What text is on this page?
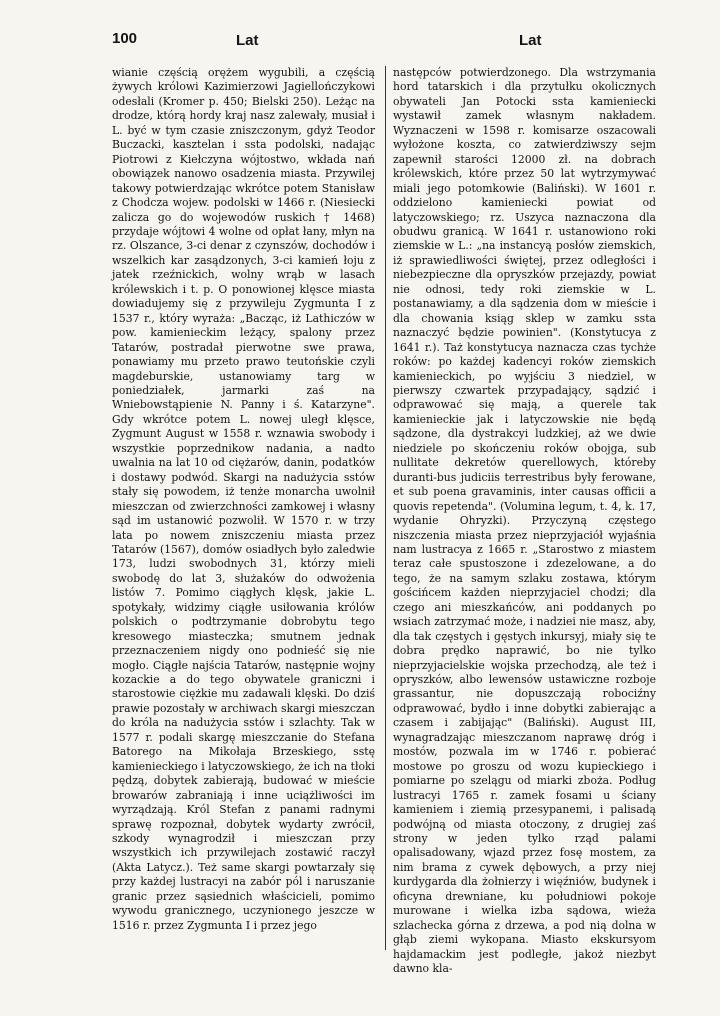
100	Lat	Lat
wianie częścią orężem wygubili, a częścią żywych królowi Kazimierzowi Jagiellończykowi odesłali (Kromer p. 450; Bielski 250). Leżąc na drodze, którą hordy kraj nasz zalewały, musiał i L. być w tym czasie zniszczonym, gdyż Teodor Buczacki, kasztelan i ssta podolski, nadając Piotrowi z Kiełczyna wójtostwo, wkłada nań obowiązek nanowo osadzenia miasta. Przywilej takowy potwierdzając wkrótce potem Stanisław z Chodcza wojew. podolski w 1466 r. (Niesiecki zalicza go do wojewodów ruskich † 1468) przydaje wójtowi 4 wolne od opłat łany, młyn na rz. Olszance, 3-ci denar z czynszów, dochodów i wszelkich kar zasądzonych, 3-ci kamień łoju z jatek rzeźnickich, wolny wrąb w lasach królewskich i t. p. O ponowionej klęsce miasta dowiadujemy się z przywileju Zygmunta I z 1537 r., który wyraża: „Bacząc, iż Lathiczów w pow. kamienieckim leżący, spalony przez Tatarów, postradał pierwotne swe prawa, ponawiamy mu przeto prawo teutońskie czyli magdeburskie, ustanowiamy targ w poniedziałek, jarmarki zaś na Wniebowstąpienie N. Panny i ś. Katarzyne". Gdy wkrótce potem L. nowej uległ klęsce, Zygmunt August w 1558 r. wznawia swobody i wszystkie poprzednikow nadania, a nadto uwalnia na lat 10 od ciężarów, danin, podatków i dostawy podwód. Skargi na nadużycia sstów stały się powodem, iż tenże monarcha uwolnił mieszczan od zwierzchności zamkowej i własny sąd im ustanowić pozwolił. W 1570 r. w trzy lata po nowem zniszczeniu miasta przez Tatarów (1567), domów osiadłych było zaledwie 173, ludzi swobodnych 31, którzy mieli swobodę do lat 3, służaków do odwożenia listów 7. Pomimo ciągłych klęsk, jakie L. spotykały, widzimy ciągłe usiłowania królów polskich o podtrzymanie dobrobytu tego kresowego miasteczka; smutnem jednak przeznaczeniem nigdy ono podnieść się nie mogło. Ciągłe najścia Tatarów, następnie wojny kozackie a do tego obywatele graniczni i starostowie ciężkie mu zadawali klęski. Do dziś prawie pozostały w archiwach skargi mieszczan do króla na nadużycia sstów i szlachty. Tak w 1577 r. podali skargę mieszczanie do Stefana Batorego na Mikołaja Brzeskiego, sstę kamienieckiego i latyczowskiego, że ich na tłoki pędzą, dobytek zabierają, budować w mieście browarów zabraniają i inne uciążliwości im wyrządzają. Król Stefan z panami radnymi sprawę rozpoznał, dobytek wydarty zwrócił, szkody wynagrodził i mieszczan przy wszystkich ich przywilejach zostawić raczył (Akta Latycz.). Też same skargi powtarzały się przy każdej lustracyi na zabór pól i naruszanie granic przez sąsiednich właścicieli, pomimo wywodu granicznego, uczynionego jeszcze w 1516 r. przez Zygmunta I i przez jego
następców potwierdzonego. Dla wstrzymania hord tatarskich i dla przytułku okolicznych obywateli Jan Potocki ssta kamieniecki wystawił zamek własnym nakładem. Wyznaczeni w 1598 r. komisarze oszacowali wyłożone koszta, co zatwierdziwszy sejm zapewnił starości 12000 zł. na dobrach królewskich, które przez 50 lat wytrzymywać miali jego potomkowie (Baliński). W 1601 r. oddzielono kamieniecki powiat od latyczowskiego; rz. Uszyca naznaczona dla obudwu granicą. W 1641 r. ustanowiono roki ziemskie w L.: „na instancyą posłów ziemskich, iż sprawiedliwości świętej, przez odległości i niebezpieczne dla opryszków przejazdy, powiat nie odnosi, tedy roki ziemskie w L. postanawiamy, a dla sądzenia dom w mieście i dla chowania ksiąg sklep w zamku ssta naznaczyć będzie powinien". (Konstytucya z 1641 r.). Taż konstytucya naznacza czas tychże roków: po każdej kadencyi roków ziemskich kamienieckich, po wyjściu 3 niedziel, w pierwszy czwartek przypadający, sądzić i odprawować się mają, a querele tak kamienieckie jak i latyczowskie nie będą sądzone, dla dystrakcyi ludzkiej, aż we dwie niedziele po skończeniu roków obojga, sub nullitate dekretów querellowych, któreby duranti-bus judiciis terrestribus były ferowane, et sub poena gravaminis, inter causas officii a quovis repetenda". (Volumina legum, t. 4, k. 17, wydanie Ohryzki). Przyczyną częstego niszczenia miasta przez nieprzyjaciół wyjaśnia nam lustracya z 1665 r. „Starostwo z miastem teraz całe spustoszone i zdezelowane, a do tego, że na samym szlaku zostawa, którym gościńcem każden nieprzyjaciel chodzi; dla czego ani mieszkańców, ani poddanych po wsiach zatrzymać może, i nadziei nie masz, aby, dla tak częstych i gęstych inkursyj, miały się te dobra prędko naprawić, bo nie tylko nieprzyjacielskie wojska przechodzą, ale też i opryszków, albo lewensów ustawiczne rozboje grassantur, nie dopuszczają robociźny odprawować, bydło i inne dobytki zabierając a czasem i zabijając" (Baliński). August III, wynagradzając mieszczanom naprawę dróg i mostów, pozwala im w 1746 r. pobierać mostowe po groszu od wozu kupieckiego i pomiarne po szelągu od miarki zboża. Podług lustracyi 1765 r. zamek fosami u ściany kamieniem i ziemią przesypanemi, i palisadą podwójną od miasta otoczony, z drugiej zaś strony w jeden tylko rząd palami opalisadowany, wjazd przez fosę mostem, za nim brama z cywek dębowych, a przy niej kurdygarda dla żołnierzy i więźniów, budynek i oficyna drewniane, ku południowi pokoje murowane i wielka izba sądowa, wieża szlachecka górna z drzewa, a pod nią dolna w głąb ziemi wykopana. Miasto ekskursyom hajdamackim jest podległe, jakoż niezbyt dawno kla-
